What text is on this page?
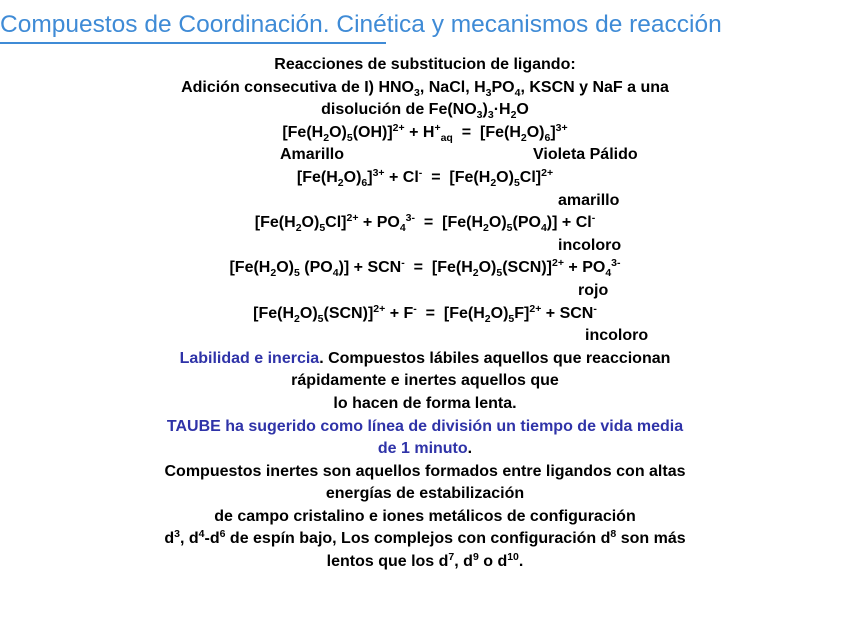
Compuestos de Coordinación. Cinética y mecanismos de reacción
Reacciones de substitucion de ligando:
Adición consecutiva de I) $HNO_3$, NaCl, $H_3PO_4$, KSCN y NaF a una
disolución de $Fe(NO_3)_3\cdot H_2O$
$[Fe(H_2O)_5(OH)]^{2+} + H^+_{aq} = [Fe(H_2O)_6]^{3+}$
Amarillo	Violeta Pálido
$[Fe(H_2O)_6]^{3+} + Cl^- = [Fe(H_2O)_5Cl]^{2+}$
amarillo
$[Fe(H_2O)_5Cl]^{2+} + PO_4^{3-} = [Fe(H_2O)_5(PO_4)] + Cl^-$
incoloro
[$Fe(H_2O)_5$ $(PO_4)] + SCN^- = [Fe(H_2O)_5(SCN)]^{2+} + PO_4^{3-}$
rojo
$[Fe(H_2O)_5(SCN)]^{2+} + F^- = [Fe(H_2O)_5F]^{2+} + SCN^-$
incoloro
Labilidad e inercia. Compuestos lábiles aquellos que reaccionan
rápidamente e inertes aquellos que
lo hacen de forma lenta.
TAUBE ha sugerido como línea de división un tiempo de vida media
de 1 minuto.
Compuestos inertes son aquellos formados entre ligandos con altas
energías de estabilización
de campo cristalino e iones metálicos de configuración
$d^3$, $d^4-d^6$ de espín bajo, Los complejos con configuración $d^8$ son más
lentos que los $d^7$, $d^9$ o $d^{10}$.
